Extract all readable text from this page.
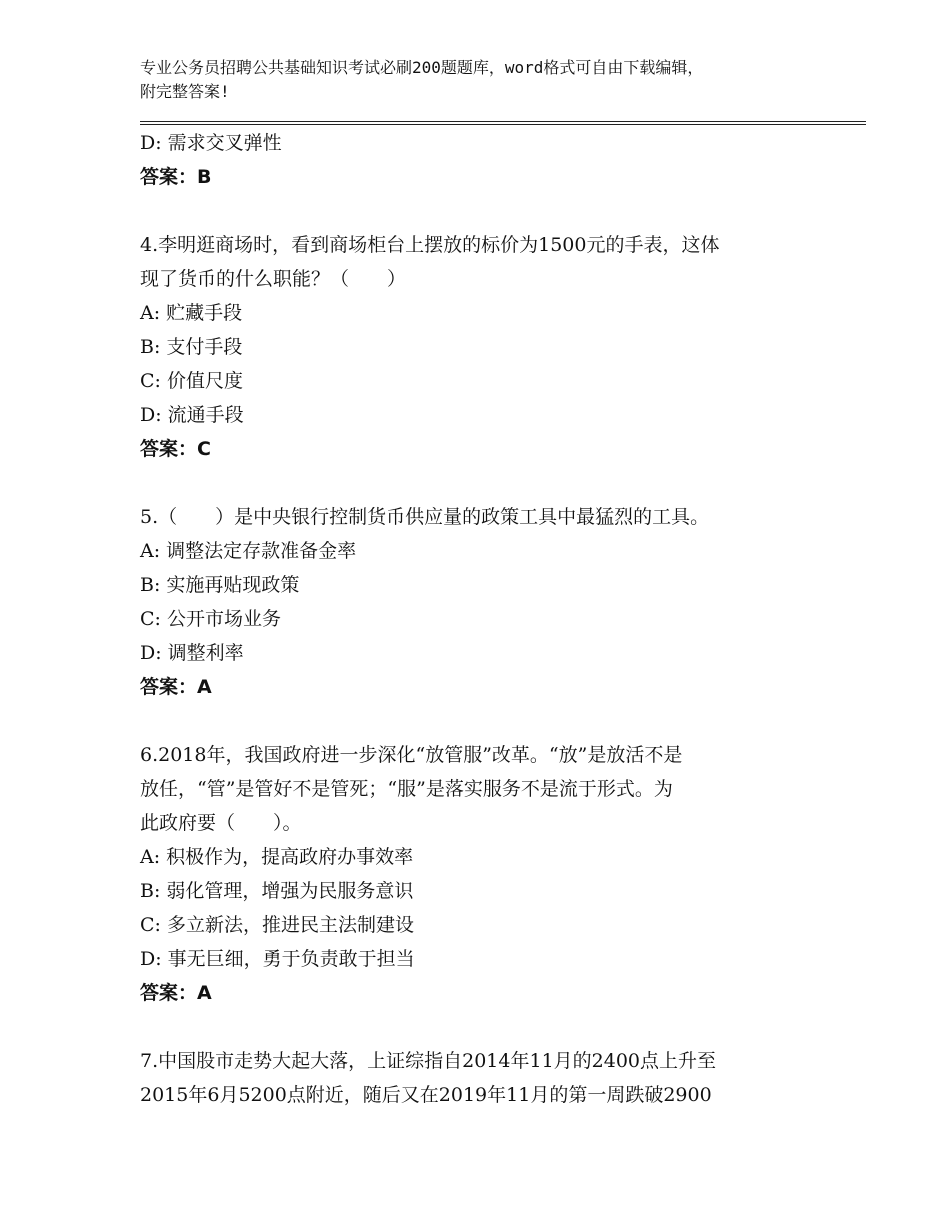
专业公务员招聘公共基础知识考试必刷200题题库，word格式可自由下载编辑，
附完整答案!
D: 需求交叉弹性
答案：B
4.李明逛商场时，看到商场柜台上摆放的标价为1500元的手表，这体
现了货币的什么职能？（　　）
A: 贮藏手段
B: 支付手段
C: 价值尺度
D: 流通手段
答案：C
5.（　　）是中央银行控制货币供应量的政策工具中最猛烈的工具。
A: 调整法定存款准备金率
B: 实施再贴现政策
C: 公开市场业务
D: 调整利率
答案：A
6.2018年，我国政府进一步深化“放管服”改革。“放”是放活不是
放任，“管”是管好不是管死；“服”是落实服务不是流于形式。为
此政府要（　　）。
A: 积极作为，提高政府办事效率
B: 弱化管理，增强为民服务意识
C: 多立新法，推进民主法制建设
D: 事无巨细，勇于负责敢于担当
答案：A
7.中国股市走势大起大落，上证综指自2014年11月的2400点上升至
2015年6月5200点附近，随后又在2019年11月的第一周跌破2900
